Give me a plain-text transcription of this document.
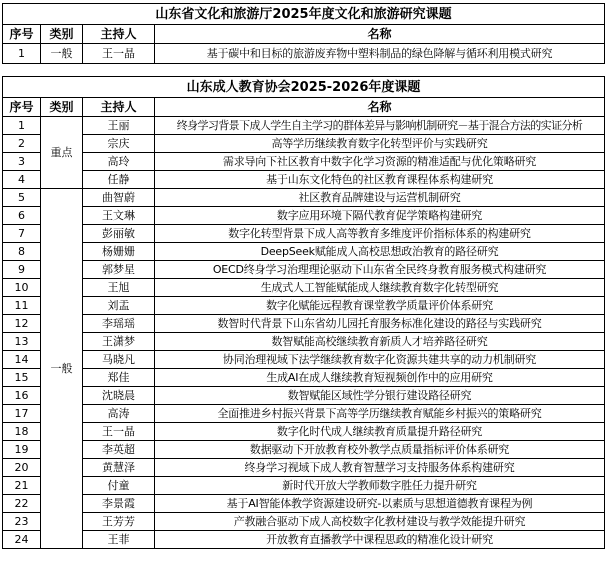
山东省文化和旅游厅2025年度文化和旅游研究课题			
序号	类别	主持人	名称
1	一般	王一晶	基于碳中和目标的旅游废弃物中塑料制品的绿色降解与循环利用模式研究
山东成人教育协会2025-2026年度课题			
序号	类别	主持人	名称
1	重点	王丽	终身学习背景下成人学生自主学习的群体差异与影响机制研究－基于混合方法的实证分析
2		宗庆	高等学历继续教育数字化转型评价与实践研究
3		高玲	需求导向下社区教育中数字化学习资源的精准适配与优化策略研究
4		任静	基于山东文化特色的社区教育课程体系构建研究
5	一般	曲智蔚	社区教育品牌建设与运营机制研究
6		王文琳	数字应用环境下隔代教育促学策略构建研究
7		彭丽敏	数字化转型背景下成人高等教育多维度评价指标体系的构建研究
8		杨姗姗	DeepSeek赋能成人高校思想政治教育的路径研究
9		郭梦星	OECD终身学习治理理论驱动下山东省全民终身教育服务模式构建研究
10		王旭	生成式人工智能赋能成人继续教育数字化转型研究
11		刘盂	数字化赋能远程教育课堂教学质量评价体系研究
12		李瑶瑶	数智时代背景下山东省幼儿园托育服务标准化建设的路径与实践研究
13		王潇梦	数智赋能高校继续教育新质人才培养路径研究
14		马晓凡	协同治理视域下法学继续教育数字化资源共建共享的动力机制研究
15		郑佳	生成AI在成人继续教育短视频创作中的应用研究
16		沈晓晨	数智赋能区域性学分银行建设路径研究
17		高涛	全面推进乡村振兴背景下高等学历继续教育赋能乡村振兴的策略研究
18		王一晶	数字化时代成人继续教育质量提升路径研究
19		李英超	数据驱动下开放教育校外教学点质量指标评价体系研究
20		黄慧泽	终身学习视域下成人教育智慧学习支持服务体系构建研究
21		付童	新时代开放大学教师数字胜任力提升研究
22		李景霞	基于AI智能体教学资源建设研究-以素质与思想道德教育课程为例
23		王芳芳	产教融合驱动下成人高校数字化教材建设与教学效能提升研究
24		王菲	开放教育直播教学中课程思政的精准化设计研究
